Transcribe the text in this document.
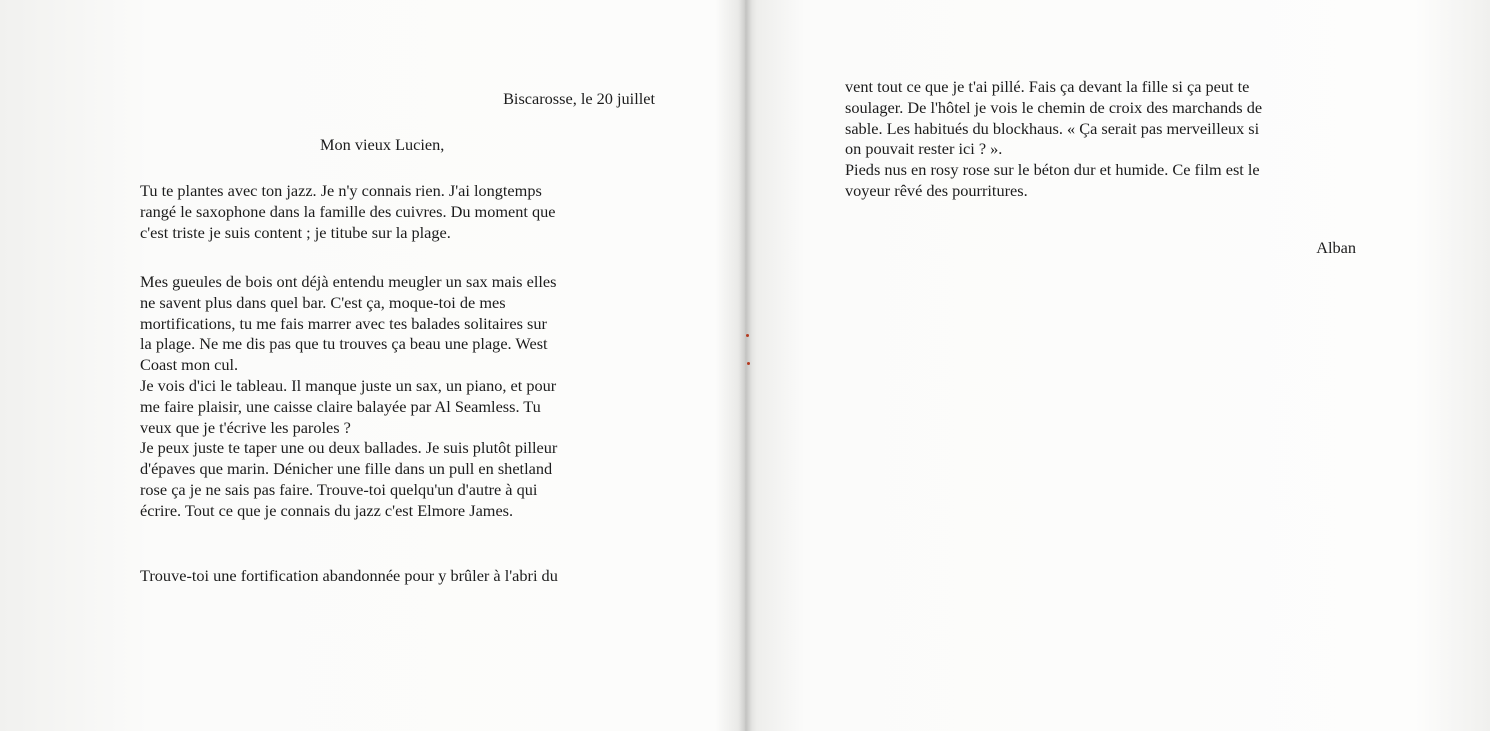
Biscarosse, le 20 juillet
Mon vieux Lucien,
Tu te plantes avec ton jazz. Je n'y connais rien. J'ai longtemps
rangé le saxophone dans la famille des cuivres. Du moment que
c'est triste je suis content ; je titube sur la plage.
Mes gueules de bois ont déjà entendu meugler un sax mais elles
ne savent plus dans quel bar. C'est ça, moque-toi de mes
mortifications, tu me fais marrer avec tes balades solitaires sur
la plage. Ne me dis pas que tu trouves ça beau une plage. West
Coast mon cul.
Je vois d'ici le tableau. Il manque juste un sax, un piano, et pour
me faire plaisir, une caisse claire balayée par Al Seamless. Tu
veux que je t'écrive les paroles ?
Je peux juste te taper une ou deux ballades. Je suis plutôt pilleur
d'épaves que marin. Dénicher une fille dans un pull en shetland
rose ça je ne sais pas faire. Trouve-toi quelqu'un d'autre à qui
écrire. Tout ce que je connais du jazz c'est Elmore James.
Trouve-toi une fortification abandonnée pour y brûler à l'abri du
vent tout ce que je t'ai pillé. Fais ça devant la fille si ça peut te
soulager. De l'hôtel je vois le chemin de croix des marchands de
sable. Les habitués du blockhaus. « Ça serait pas merveilleux si
on pouvait rester ici ? ».
Pieds nus en rosy rose sur le béton dur et humide. Ce film est le
voyeur rêvé des pourritures.
Alban
